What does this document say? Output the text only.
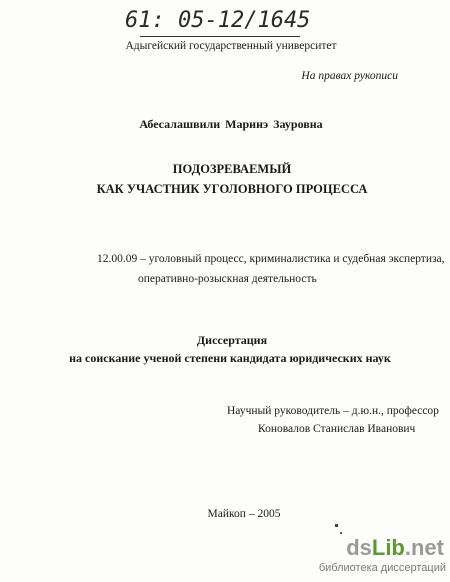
61: 05-12/1645
Адыгейский государственный университет
На правах рукописи
Абесалашвили Маринэ Зауровна
ПОДОЗРЕВАЕМЫЙ
КАК УЧАСТНИК УГОЛОВНОГО ПРОЦЕССА
12.00.09 – уголовный процесс, криминалистика и судебная экспертиза,
оперативно-розыскная деятельность
Диссертация
на соискание ученой степени кандидата юридических наук
Научный руководитель – д.ю.н., профессор
Коновалов Станислав Иванович
Майкоп – 2005
dsLib.net
библиотека диссертаций
